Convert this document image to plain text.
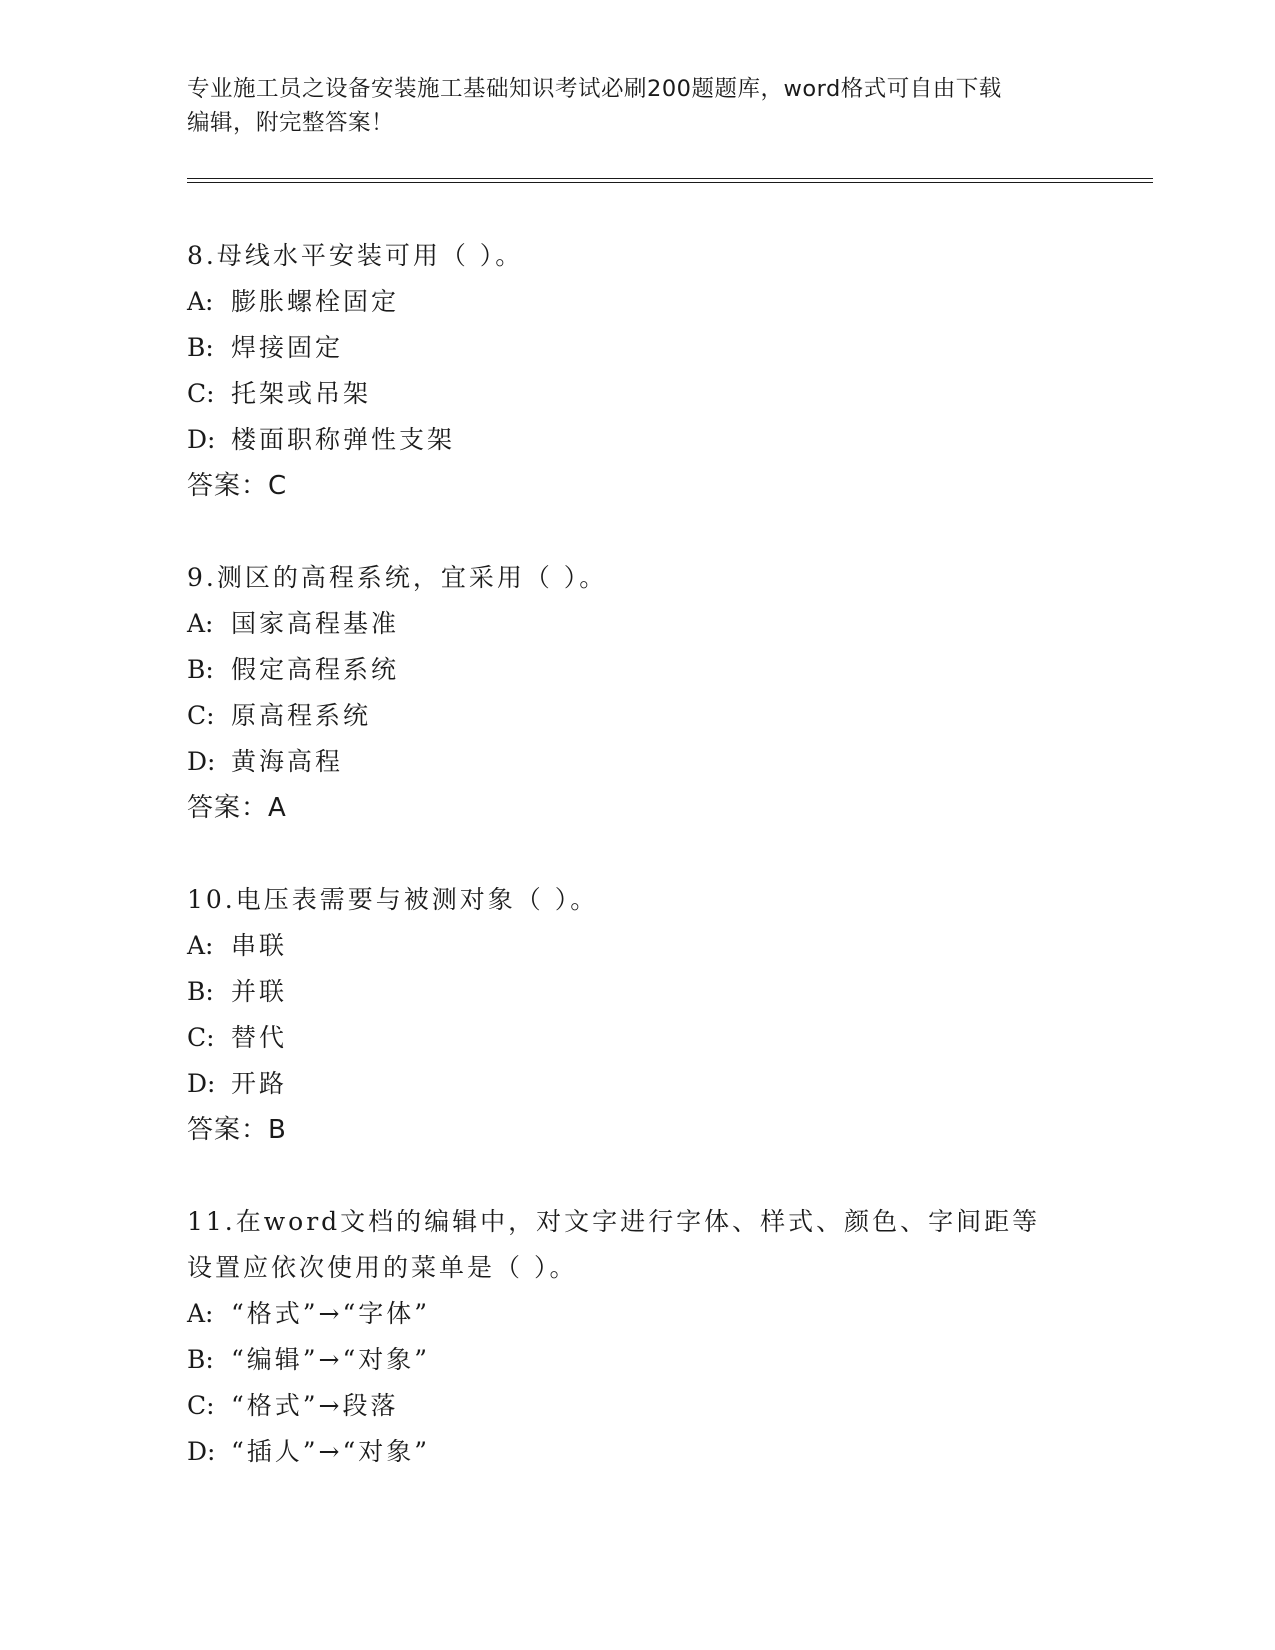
专业施工员之设备安装施工基础知识考试必刷200题题库，word格式可自由下载
编辑，附完整答案！
8.母线水平安装可用（ ）。
A: 膨胀螺栓固定
B: 焊接固定
C: 托架或吊架
D: 楼面职称弹性支架
答案：C
9.测区的高程系统，宜采用（ ）。
A: 国家高程基准
B: 假定高程系统
C: 原高程系统
D: 黄海高程
答案：A
10.电压表需要与被测对象（ ）。
A: 串联
B: 并联
C: 替代
D: 开路
答案：B
11.在word文档的编辑中，对文字进行字体、样式、颜色、字间距等
设置应依次使用的菜单是（ ）。
A: “格式”→“字体”
B: “编辑”→“对象”
C: “格式”→段落
D: “插人”→“对象”
